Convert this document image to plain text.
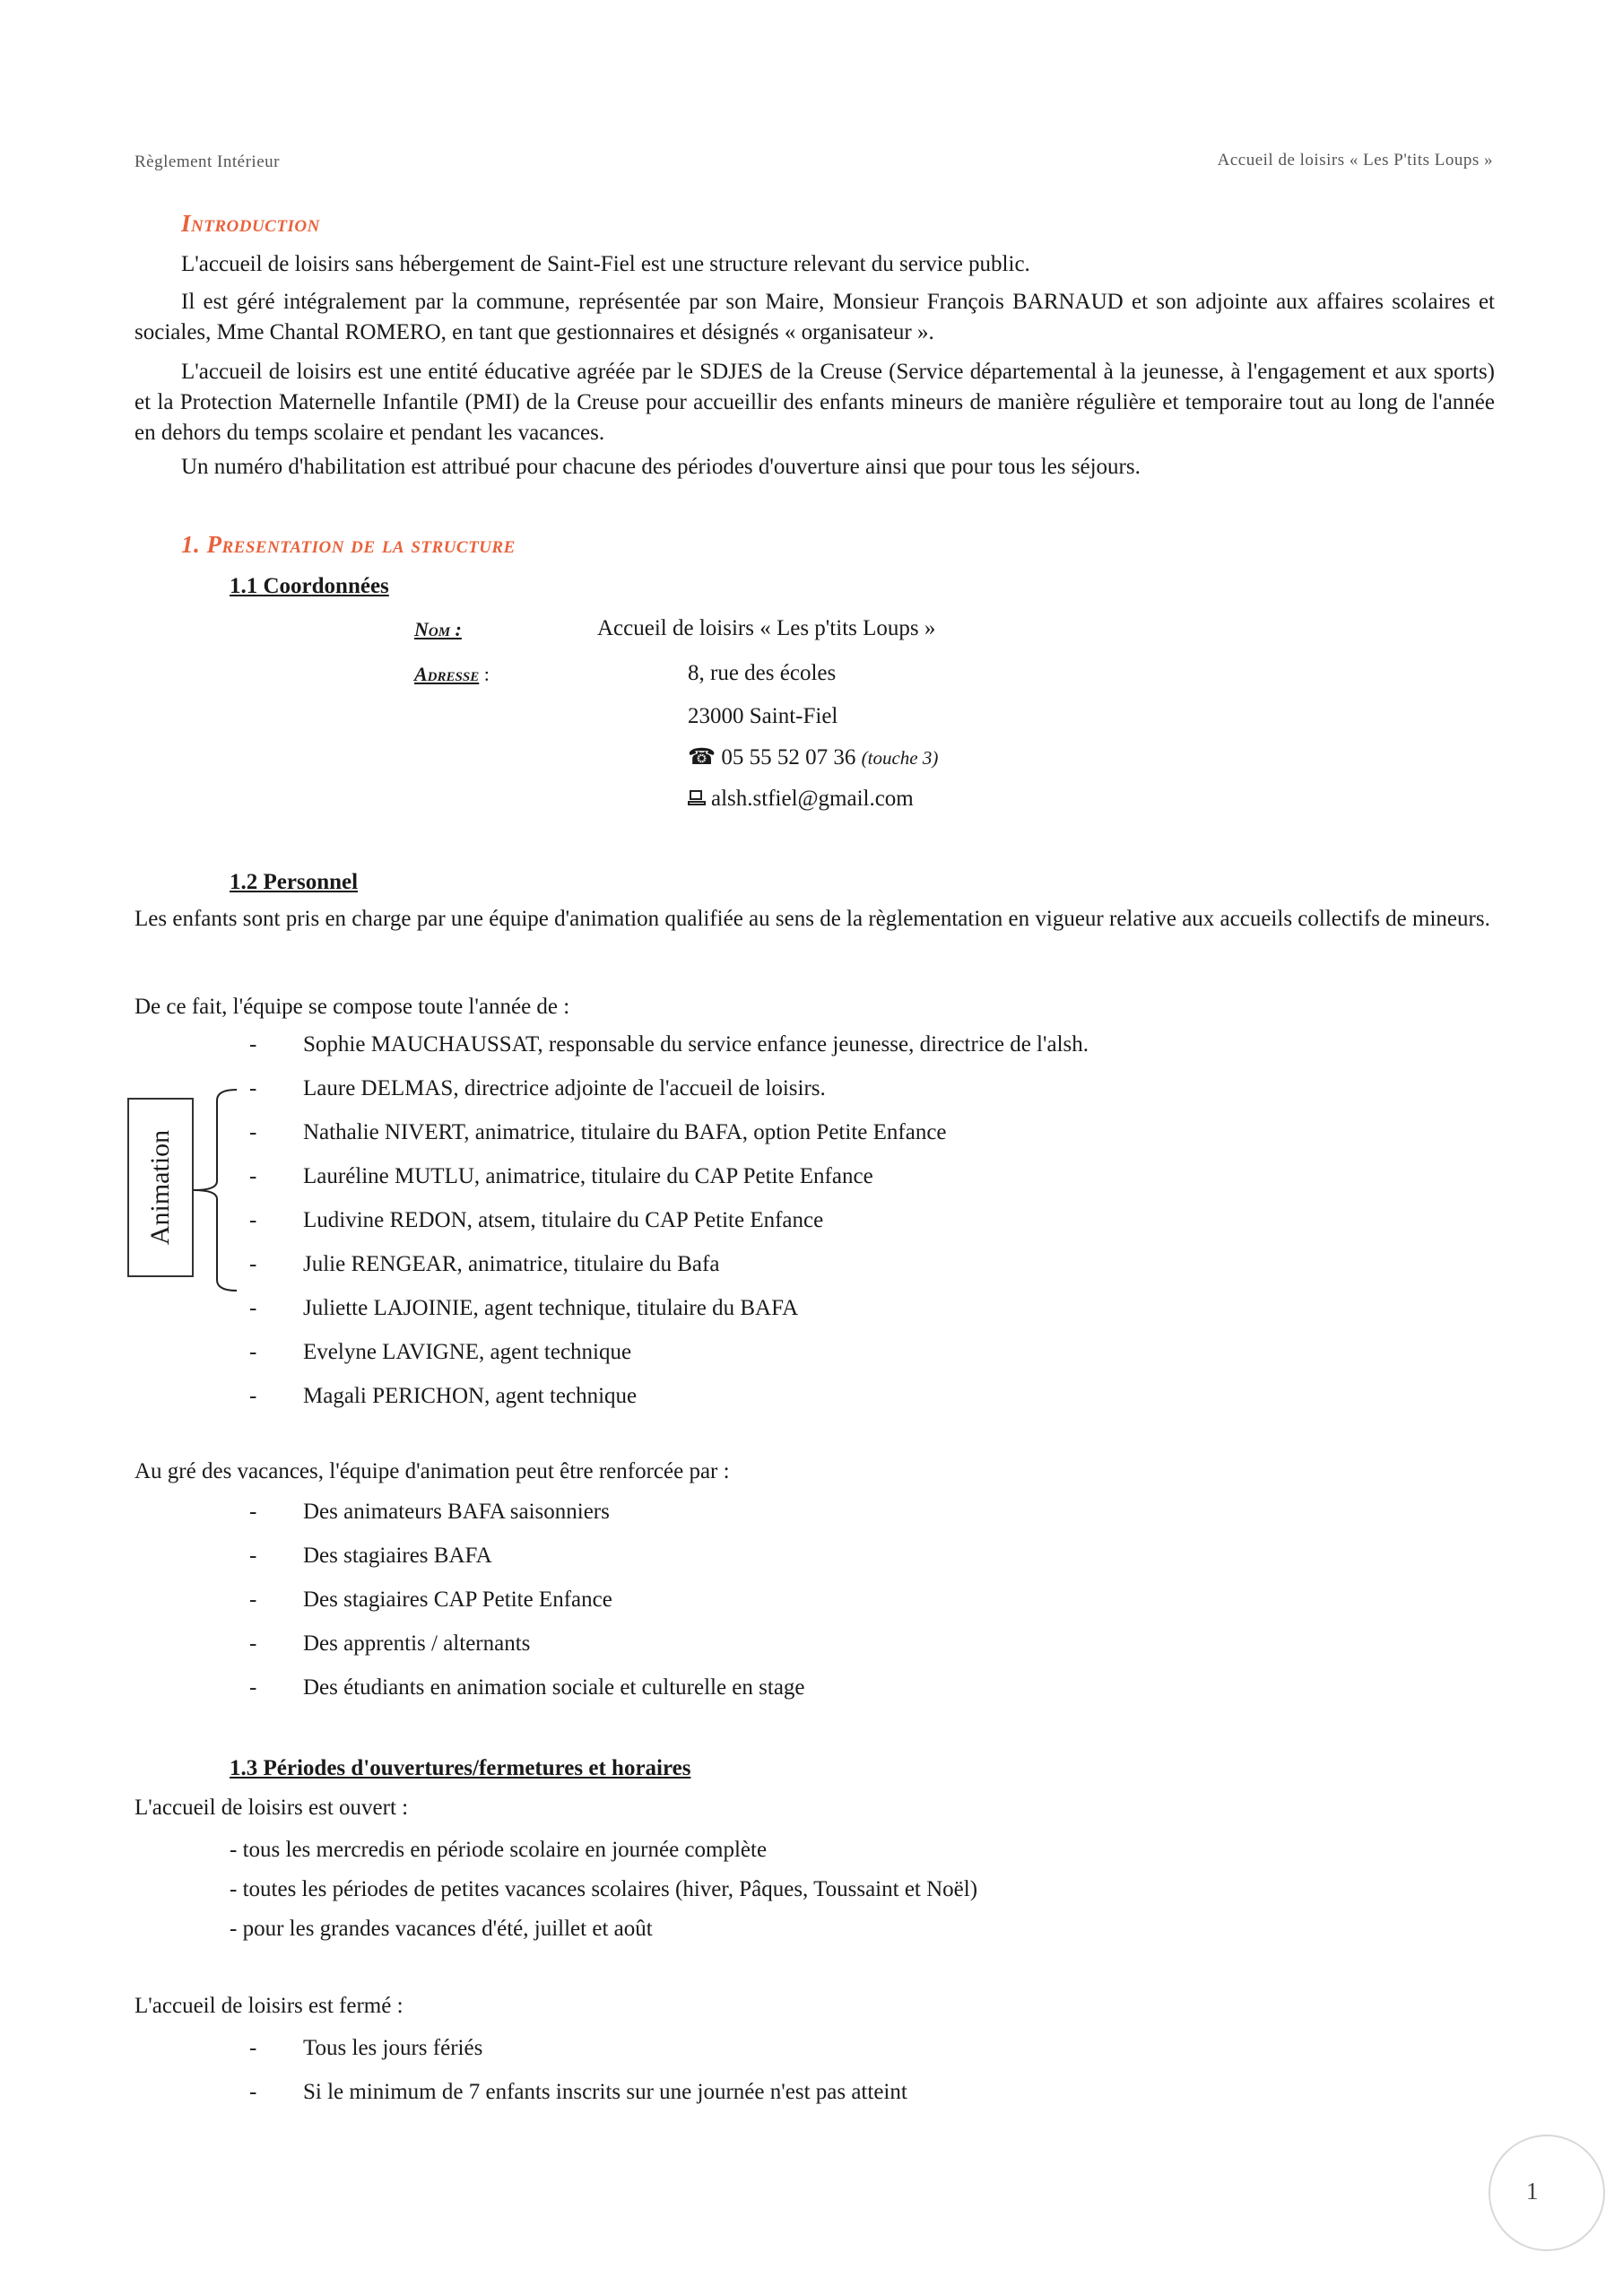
Règlement Intérieur	Accueil de loisirs « Les P'tits Loups »
Introduction
L'accueil de loisirs sans hébergement de Saint-Fiel est une structure relevant du service public.
Il est géré intégralement par la commune, représentée par son Maire, Monsieur François BARNAUD et son adjointe aux affaires scolaires et sociales, Mme Chantal ROMERO, en tant que gestionnaires et désignés « organisateur ».
L'accueil de loisirs est une entité éducative agréée par le SDJES de la Creuse (Service départemental à la jeunesse, à l'engagement et aux sports) et la Protection Maternelle Infantile (PMI) de la Creuse pour accueillir des enfants mineurs de manière régulière et temporaire tout au long de l'année en dehors du temps scolaire et pendant les vacances.
Un numéro d'habilitation est attribué pour chacune des périodes d'ouverture ainsi que pour tous les séjours.
1. Presentation de la structure
1.1 Coordonnées
Nom :	Accueil de loisirs « Les p'tits Loups »
Adresse :	8, rue des écoles
23000 Saint-Fiel
☎ 05 55 52 07 36 (touche 3)
alsh.stfiel@gmail.com
1.2 Personnel
Les enfants sont pris en charge par une équipe d'animation qualifiée au sens de la règlementation en vigueur relative aux accueils collectifs de mineurs.
De ce fait, l'équipe se compose toute l'année de :
- Sophie MAUCHAUSSAT, responsable du service enfance jeunesse, directrice de l'alsh.
- Laure DELMAS, directrice adjointe de l'accueil de loisirs.
- Nathalie NIVERT, animatrice, titulaire du BAFA, option Petite Enfance
- Lauréline MUTLU, animatrice, titulaire du CAP Petite Enfance
- Ludivine REDON, atsem, titulaire du CAP Petite Enfance
- Julie RENGEAR, animatrice, titulaire du Bafa
- Juliette LAJOINIE, agent technique, titulaire du BAFA
- Evelyne LAVIGNE, agent technique
- Magali PERICHON, agent technique
Animation
Au gré des vacances, l'équipe d'animation peut être renforcée par :
- Des animateurs BAFA saisonniers
- Des stagiaires BAFA
- Des stagiaires CAP Petite Enfance
- Des apprentis / alternants
- Des étudiants en animation sociale et culturelle en stage
1.3 Périodes d'ouvertures/fermetures et horaires
L'accueil de loisirs est ouvert :
- tous les mercredis en période scolaire en journée complète
- toutes les périodes de petites vacances scolaires (hiver, Pâques, Toussaint et Noël)
- pour les grandes vacances d'été, juillet et août
L'accueil de loisirs est fermé :
- Tous les jours fériés
- Si le minimum de 7 enfants inscrits sur une journée n'est pas atteint
1
